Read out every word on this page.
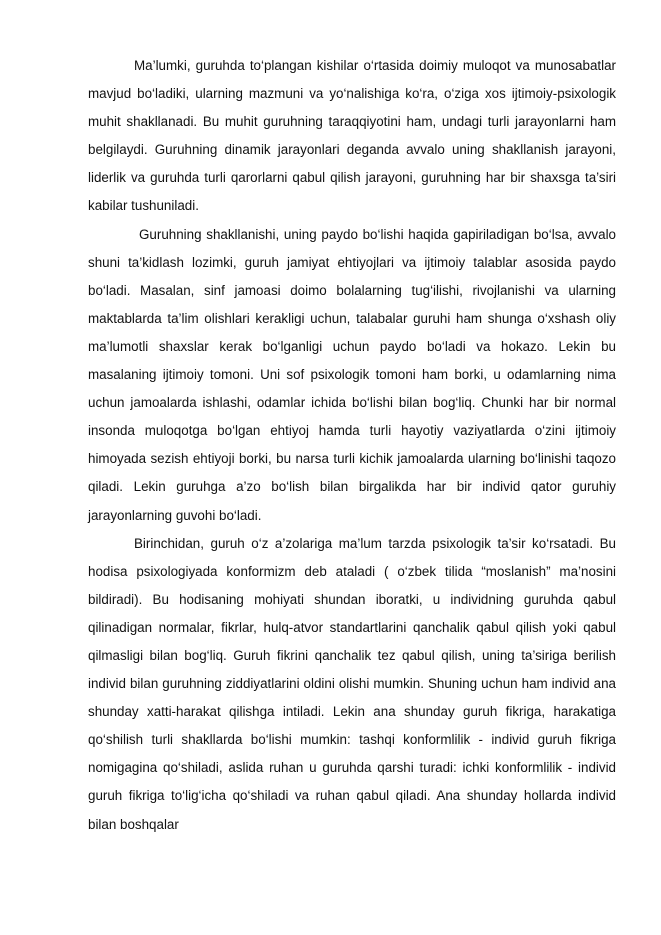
Ma’lumki, guruhda to‘plangan kishilar o‘rtasida doimiy muloqot va munosabatlar mavjud bo‘ladiki, ularning mazmuni va yo‘nalishiga ko‘ra, o‘ziga xos ijtimoiy-psixologik muhit shakllanadi. Bu muhit guruhning taraqqiyotini ham, undagi turli jarayonlarni ham belgilaydi. Guruhning dinamik jarayonlari deganda avvalo uning shakllanish jarayoni, liderlik va guruhda turli qarorlarni qabul qilish jarayoni, guruhning har bir shaxsga ta’siri kabilar tushuniladi.

Guruhning shakllanishi, uning paydo bo‘lishi haqida gapiriladigan bo‘lsa, avvalo shuni ta’kidlash lozimki, guruh jamiyat ehtiyojlari va ijtimoiy talablar asosida paydo bo‘ladi. Masalan, sinf jamoasi doimo bolalarning tug‘ilishi, rivojlanishi va ularning maktablarda ta’lim olishlari kerakligi uchun, talabalar guruhi ham shunga o‘xshash oliy ma’lumotli shaxslar kerak bo‘lganligi uchun paydo bo‘ladi va hokazo. Lekin bu masalaning ijtimoiy tomoni. Uni sof psixologik tomoni ham borki, u odamlarning nima uchun jamoalarda ishlashi, odamlar ichida bo‘lishi bilan bog‘liq. Chunki har bir normal insonda muloqotga bo‘lgan ehtiyoj hamda turli hayotiy vaziyatlarda o‘zini ijtimoiy himoyada sezish ehtiyoji borki, bu narsa turli kichik jamoalarda ularning bo‘linishi taqozo qiladi. Lekin guruhga a’zo bo‘lish bilan birgalikda har bir individ qator guruhiy jarayonlarning guvohi bo‘ladi.

Birinchidan, guruh o‘z a’zolariga ma’lum tarzda psixologik ta’sir ko‘rsatadi. Bu hodisa psixologiyada konformizm deb ataladi ( o‘zbek tilida “moslanish” ma’nosini bildiradi). Bu hodisaning mohiyati shundan iboratki, u individning guruhda qabul qilinadigan normalar, fikrlar, hulq-atvor standartlarini qanchalik qabul qilish yoki qabul qilmasligi bilan bog‘liq. Guruh fikrini qanchalik tez qabul qilish, uning ta’siriga berilish individ bilan guruhning ziddiyatlarini oldini olishi mumkin. Shuning uchun ham individ ana shunday xatti-harakat qilishga intiladi. Lekin ana shunday guruh fikriga, harakatiga qo‘shilish turli shakllarda bo‘lishi mumkin: tashqi konformlilik - individ guruh fikriga nomigagina qo‘shiladi, aslida ruhan u guruhda qarshi turadi: ichki konformlilik - individ guruh fikriga to‘lig‘icha qo‘shiladi va ruhan qabul qiladi. Ana shunday hollarda individ bilan boshqalar
